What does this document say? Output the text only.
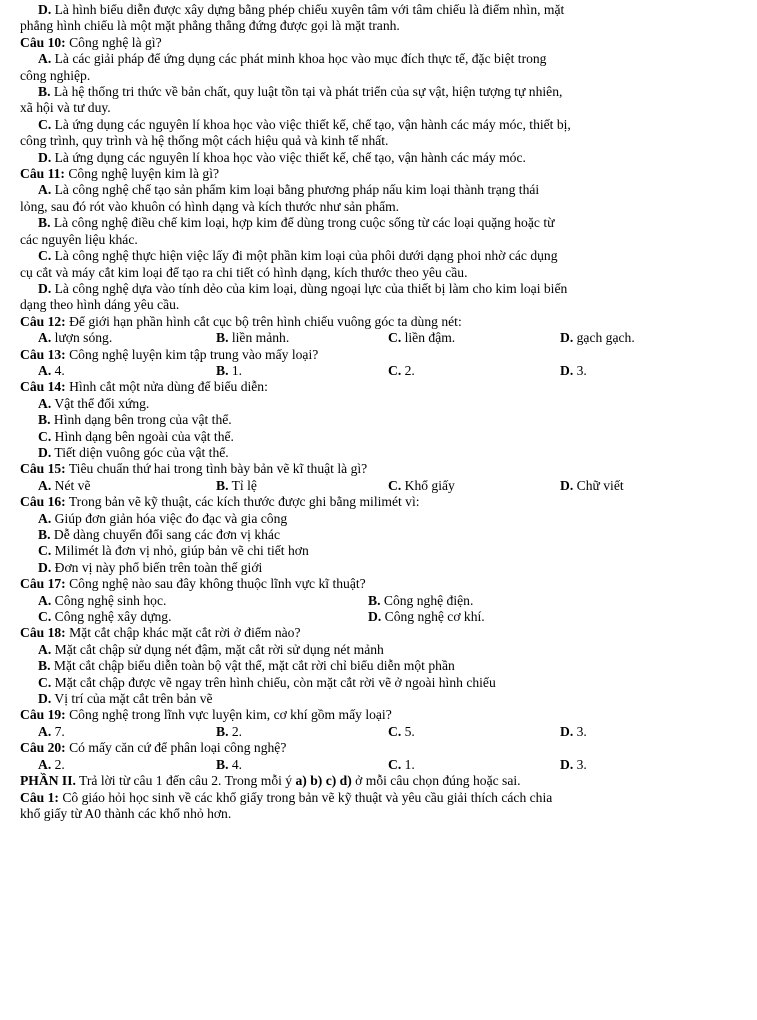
D. Là hình biểu diễn được xây dựng bằng phép chiếu xuyên tâm với tâm chiếu là điểm nhìn, mặt
phẳng hình chiếu là một mặt phẳng thẳng đứng được gọi là mặt tranh.
Câu 10: Công nghệ là gì?
A. Là các giải pháp để ứng dụng các phát minh khoa học vào mục đích thực tế, đặc biệt trong
công nghiệp.
B. Là hệ thống tri thức về bản chất, quy luật tồn tại và phát triển của sự vật, hiện tượng tự nhiên,
xã hội và tư duy.
C. Là ứng dụng các nguyên lí khoa học vào việc thiết kế, chế tạo, vận hành các máy móc, thiết bị,
công trình, quy trình và hệ thống một cách hiệu quả và kinh tế nhất.
D. Là ứng dụng các nguyên lí khoa học vào việc thiết kế, chế tạo, vận hành các máy móc.
Câu 11: Công nghệ luyện kim là gì?
A. Là công nghệ chế tạo sản phẩm kim loại bằng phương pháp nấu kim loại thành trạng thái
lỏng, sau đó rót vào khuôn có hình dạng và kích thước như sản phẩm.
B. Là công nghệ điều chế kim loại, hợp kim để dùng trong cuộc sống từ các loại quặng hoặc từ
các nguyên liệu khác.
C. Là công nghệ thực hiện việc lấy đi một phần kim loại của phôi dưới dạng phoi nhờ các dụng
cụ cắt và máy cắt kim loại để tạo ra chi tiết có hình dạng, kích thước theo yêu cầu.
D. Là công nghệ dựa vào tính dẻo của kim loại, dùng ngoại lực của thiết bị làm cho kim loại biến
dạng theo hình dáng yêu cầu.
Câu 12: Để giới hạn phần hình cắt cục bộ trên hình chiếu vuông góc ta dùng nét:
A. lượn sóng.	B. liền mảnh.	C. liền đậm.	D. gạch gạch.
Câu 13: Công nghệ luyện kim tập trung vào mấy loại?
A. 4.	B. 1.	C. 2.	D. 3.
Câu 14: Hình cắt một nửa dùng để biểu diễn:
A. Vật thể đối xứng.
B. Hình dạng bên trong của vật thể.
C. Hình dạng bên ngoài của vật thể.
D. Tiết diện vuông góc của vật thể.
Câu 15: Tiêu chuẩn thứ hai trong tình bày bản vẽ kĩ thuật là gì?
A. Nét vẽ	B. Tỉ lệ	C. Khổ giấy	D. Chữ viết
Câu 16: Trong bản vẽ kỹ thuật, các kích thước được ghi bằng milimét vì:
A. Giúp đơn giản hóa việc đo đạc và gia công
B. Dễ dàng chuyển đổi sang các đơn vị khác
C. Milimét là đơn vị nhỏ, giúp bản vẽ chi tiết hơn
D. Đơn vị này phổ biến trên toàn thế giới
Câu 17: Công nghệ nào sau đây không thuộc lĩnh vực kĩ thuật?
A. Công nghệ sinh học.	B. Công nghệ điện.
C. Công nghệ xây dựng.	D. Công nghệ cơ khí.
Câu 18: Mặt cắt chập khác mặt cắt rời ở điểm nào?
A. Mặt cắt chập sử dụng nét đậm, mặt cắt rời sử dụng nét mảnh
B. Mặt cắt chập biểu diễn toàn bộ vật thể, mặt cắt rời chỉ biểu diễn một phần
C. Mặt cắt chập được vẽ ngay trên hình chiếu, còn mặt cắt rời vẽ ở ngoài hình chiếu
D. Vị trí của mặt cắt trên bản vẽ
Câu 19: Công nghệ trong lĩnh vực luyện kim, cơ khí gồm mấy loại?
A. 7.	B. 2.	C. 5.	D. 3.
Câu 20: Có mấy căn cứ để phân loại công nghệ?
A. 2.	B. 4.	C. 1.	D. 3.
PHẦN II. Trả lời từ câu 1 đến câu 2. Trong mỗi ý a) b) c) d) ở mỗi câu chọn đúng hoặc sai.
Câu 1: Cô giáo hỏi học sinh về các khổ giấy trong bản vẽ kỹ thuật và yêu cầu giải thích cách chia
khổ giấy từ A0 thành các khổ nhỏ hơn.
